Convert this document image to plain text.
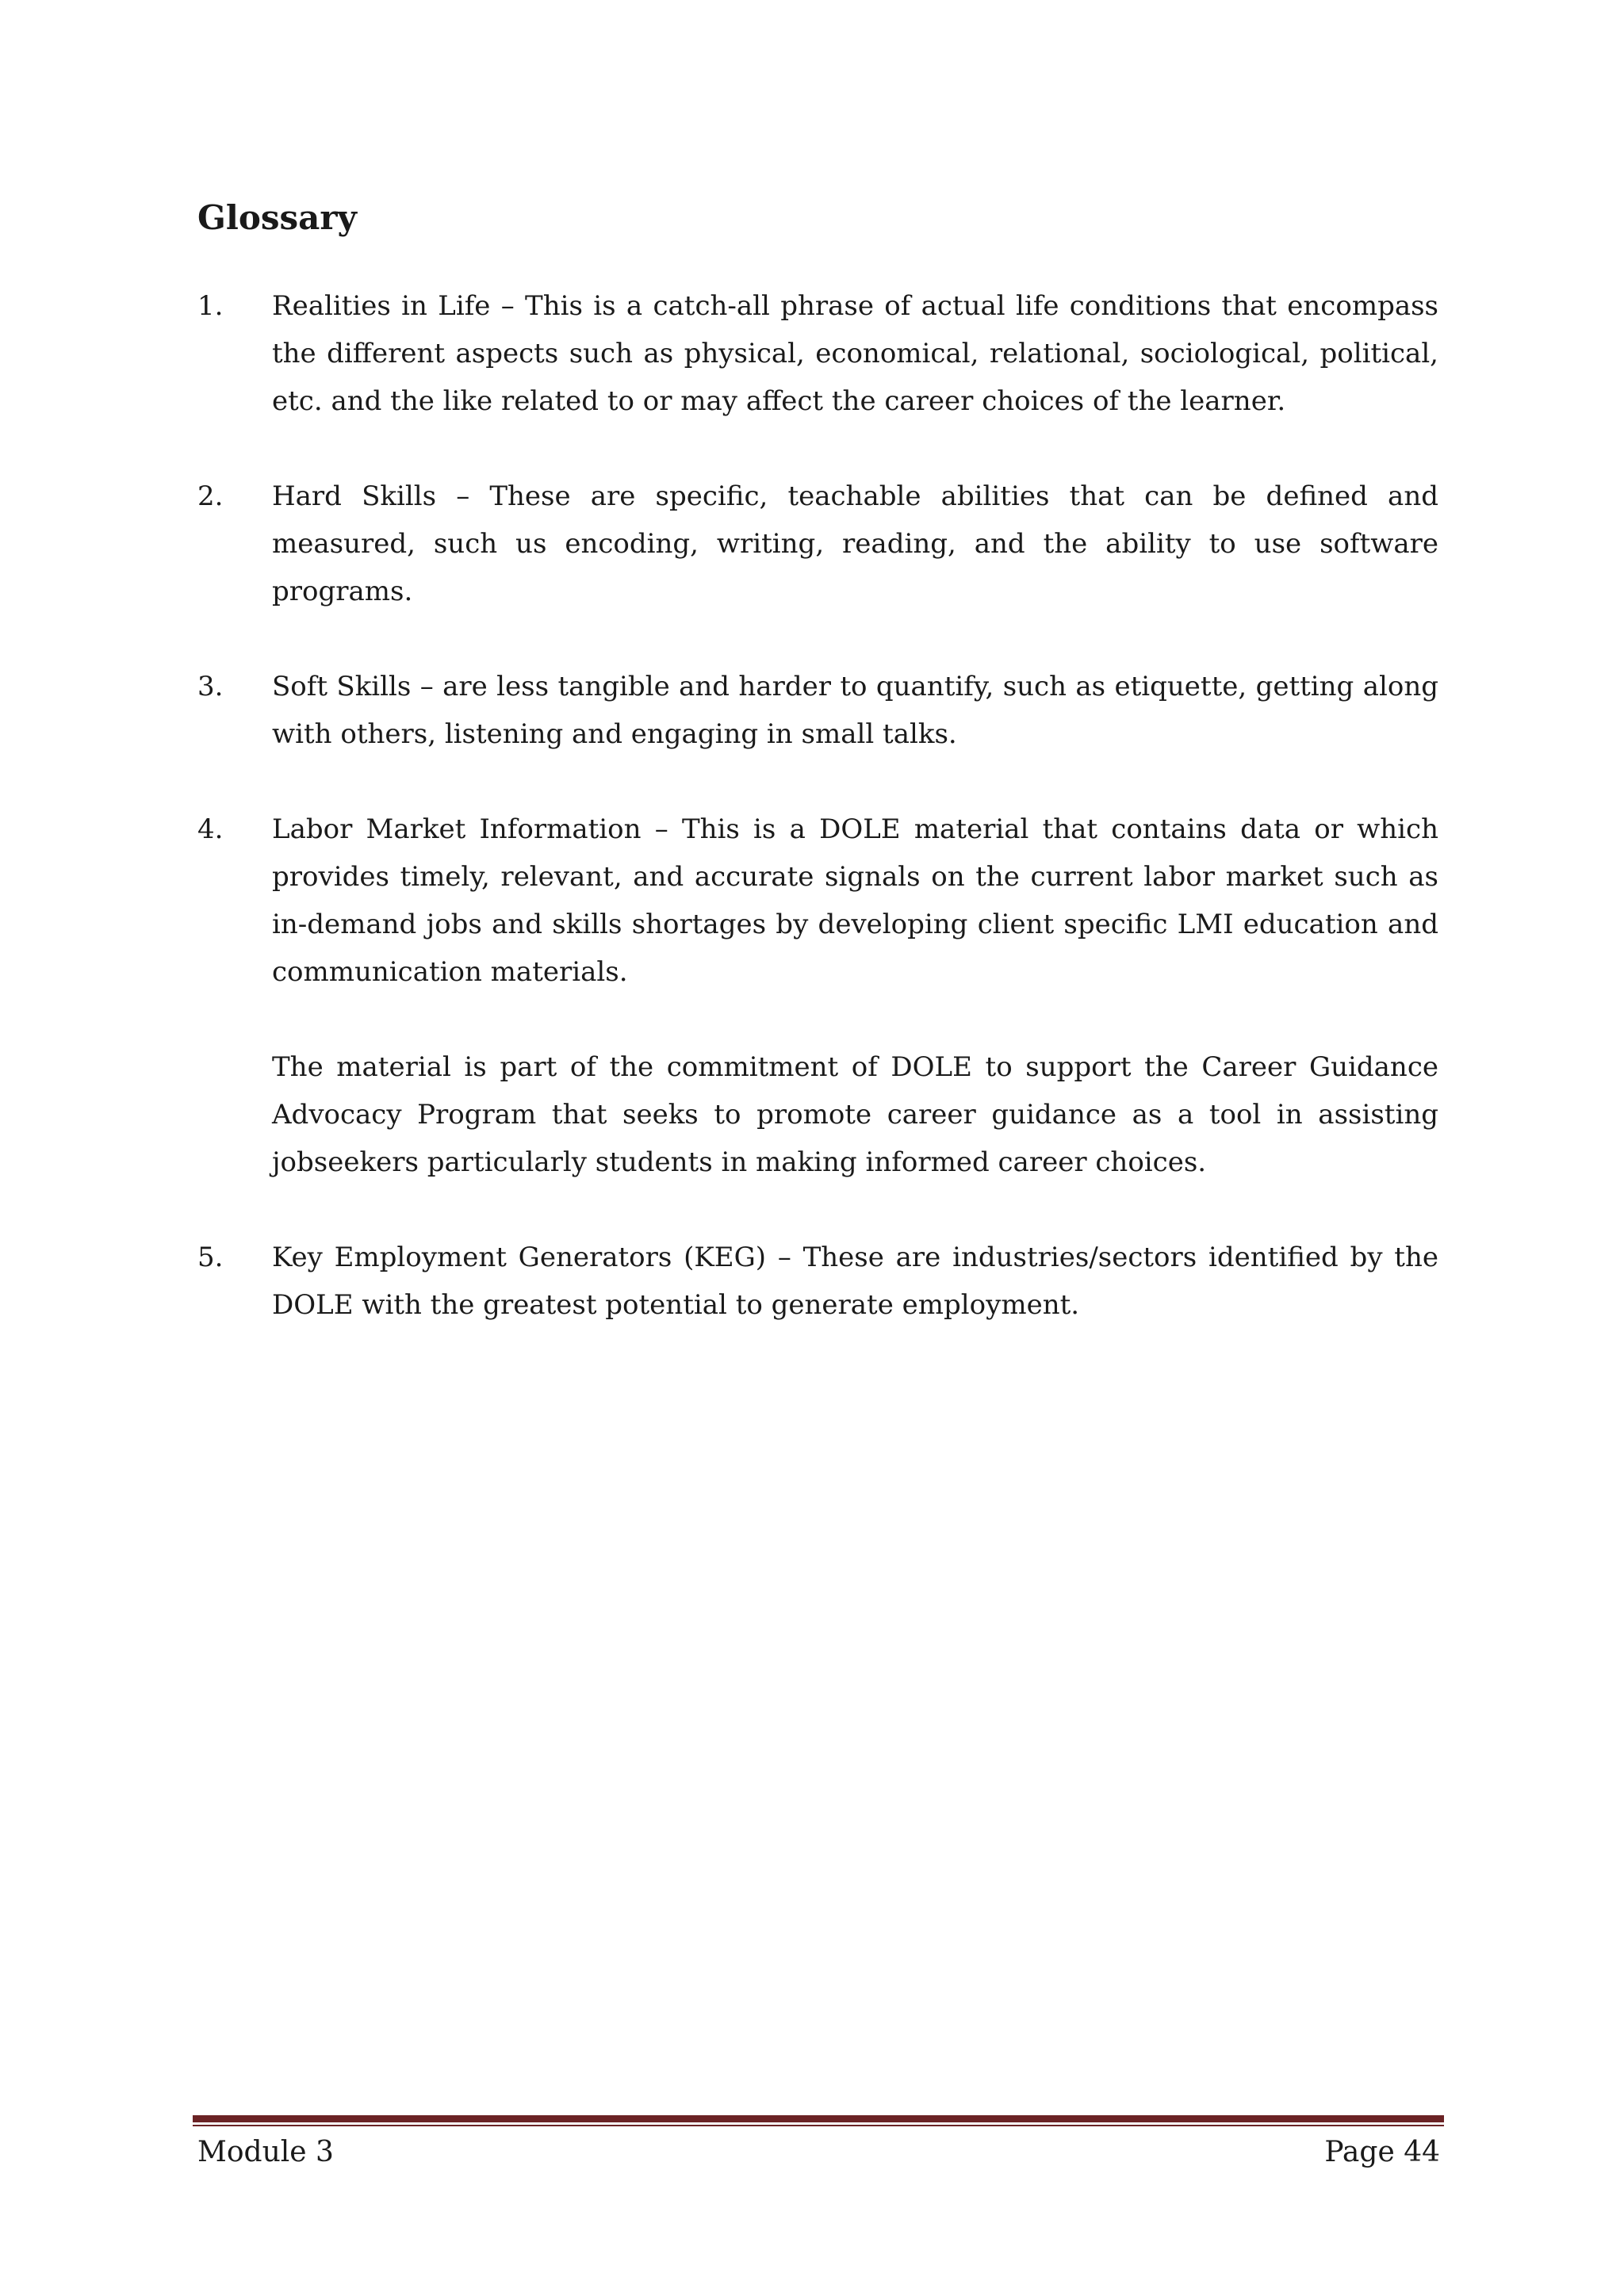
Glossary
1.	Realities in Life – This is a catch-all phrase of actual life conditions that encompass the different aspects such as physical, economical, relational, sociological, political, etc. and the like related to or may affect the career choices of the learner.
2.	Hard Skills – These are specific, teachable abilities that can be defined and measured, such us encoding, writing, reading, and the ability to use software programs.
3.	Soft Skills – are less tangible and harder to quantify, such as etiquette, getting along with others, listening and engaging in small talks.
4.	Labor Market Information – This is a DOLE material that contains data or which provides timely, relevant, and accurate signals on the current labor market such as in-demand jobs and skills shortages by developing client specific LMI education and communication materials.
The material is part of the commitment of DOLE to support the Career Guidance Advocacy Program that seeks to promote career guidance as a tool in assisting jobseekers particularly students in making informed career choices.
5.	Key Employment Generators (KEG) – These are industries/sectors identified by the DOLE with the greatest potential to generate employment.
Module 3	Page 44
